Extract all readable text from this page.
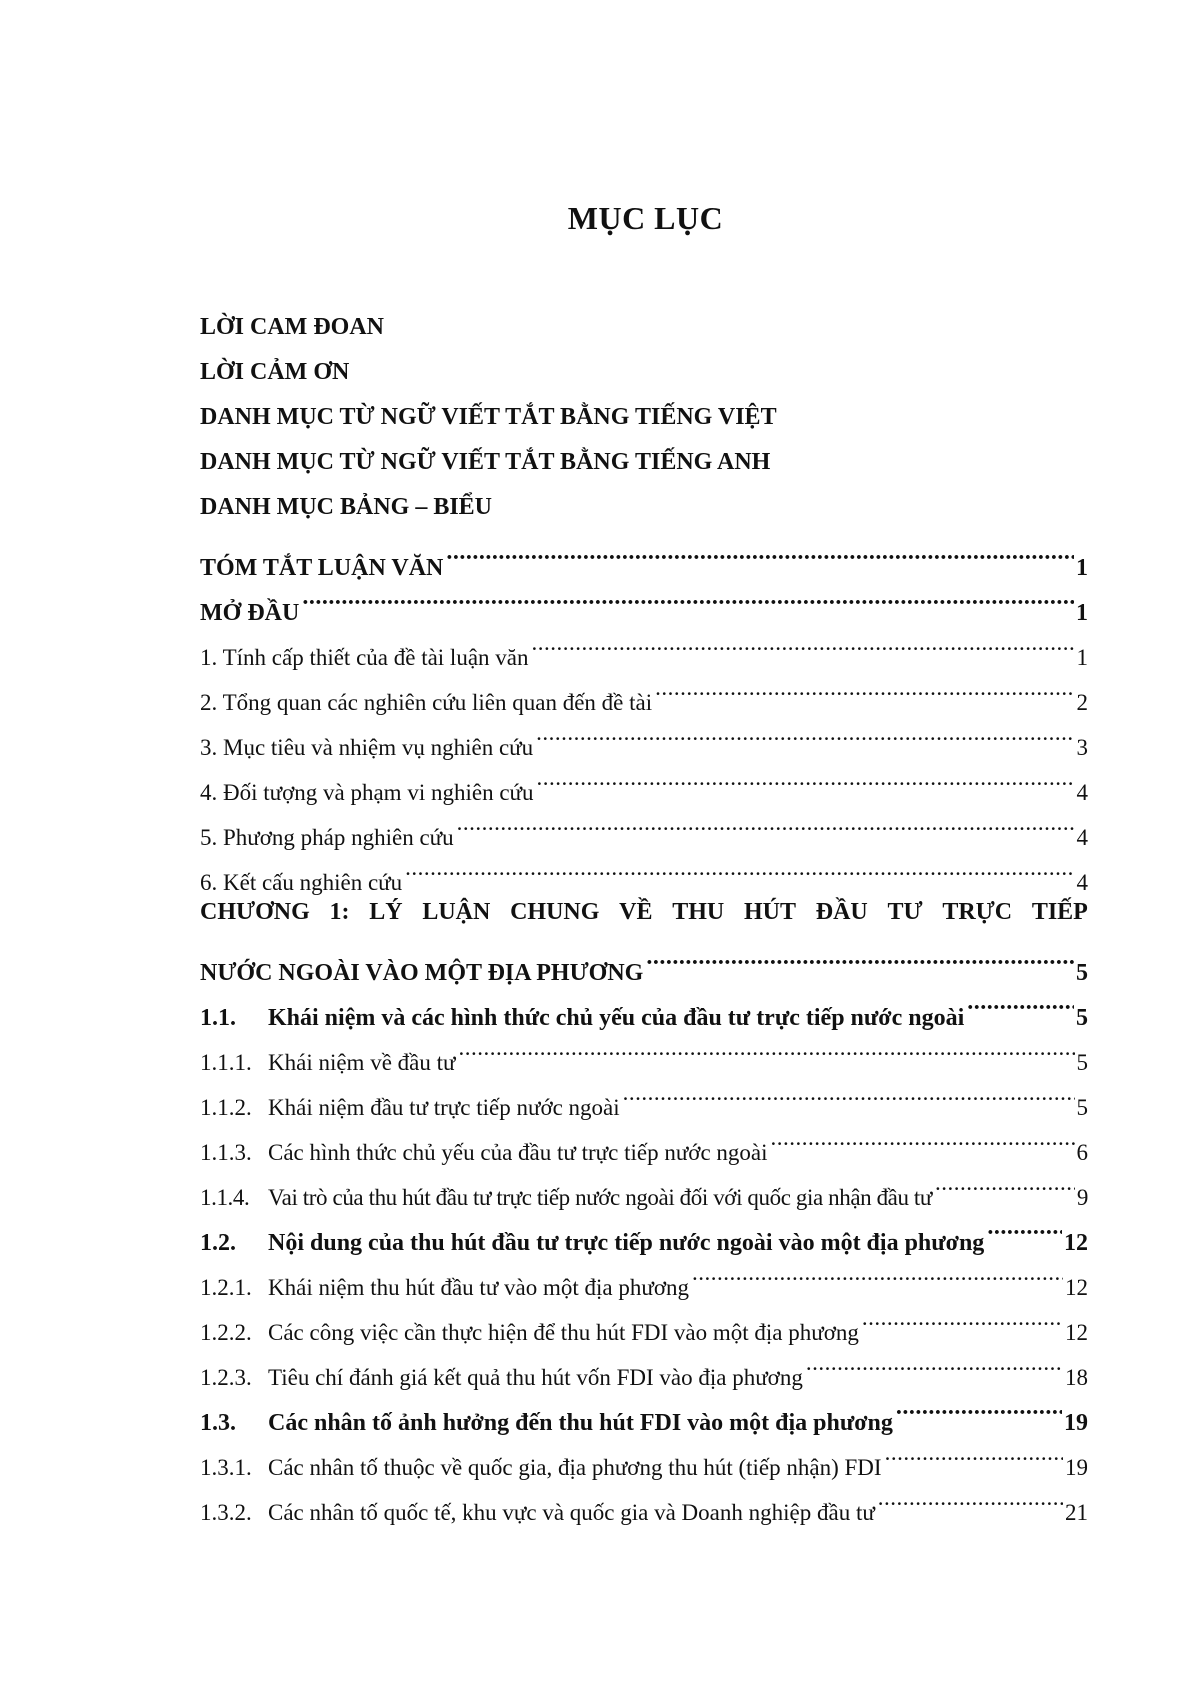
MỤC LỤC
LỜI CAM ĐOAN
LỜI CẢM ƠN
DANH MỤC TỪ NGỮ VIẾT TẮT BẰNG TIẾNG VIỆT
DANH MỤC TỪ NGỮ VIẾT TẮT BẰNG TIẾNG ANH
DANH MỤC BẢNG – BIỂU
TÓM TẮT LUẬN VĂN .....	1
MỞ ĐẦU .....	1
1. Tính cấp thiết của đề tài luận văn .....	1
2. Tổng quan các nghiên cứu liên quan đến đề tài .....	2
3. Mục tiêu và nhiệm vụ nghiên cứu .....	3
4. Đối tượng và phạm vi nghiên cứu .....	4
5. Phương pháp nghiên cứu .....	4
6. Kết cấu nghiên cứu .....	4
CHƯƠNG 1: LÝ LUẬN CHUNG VỀ THU HÚT ĐẦU TƯ TRỰC TIẾP
NƯỚC NGOÀI VÀO MỘT ĐỊA PHƯƠNG .....	5
1.1. Khái niệm và các hình thức chủ yếu của đầu tư trực tiếp nước ngoài .....	5
1.1.1. Khái niệm về đầu tư .....	5
1.1.2. Khái niệm đầu tư trực tiếp nước ngoài .....	5
1.1.3. Các hình thức chủ yếu của đầu tư trực tiếp nước ngoài .....	6
1.1.4. Vai trò của thu hút đầu tư trực tiếp nước ngoài đối với quốc gia nhận đầu tư .....	9
1.2. Nội dung của thu hút đầu tư trực tiếp nước ngoài vào một địa phương .....	12
1.2.1. Khái niệm thu hút đầu tư vào một địa phương .....	12
1.2.2. Các công việc cần thực hiện để thu hút FDI vào một địa phương .....	12
1.2.3. Tiêu chí đánh giá kết quả thu hút vốn FDI vào địa phương .....	18
1.3. Các nhân tố ảnh hưởng đến thu hút FDI vào một địa phương .....	19
1.3.1. Các nhân tố thuộc về quốc gia, địa phương thu hút (tiếp nhận) FDI .....	19
1.3.2. Các nhân tố quốc tế, khu vực và quốc gia và Doanh nghiệp đầu tư .....	21
